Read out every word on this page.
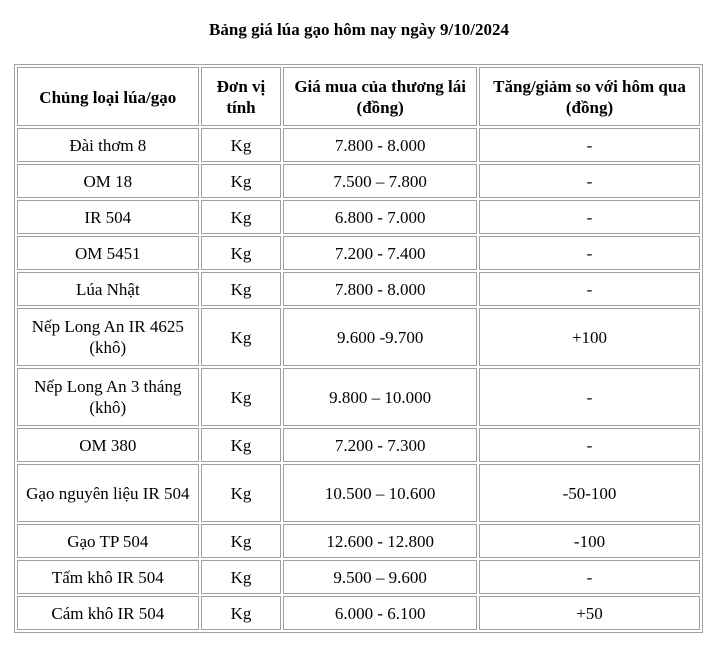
Bảng giá lúa gạo hôm nay ngày 9/10/2024
Chủng loại lúa/gạo	Đơn vị tính	Giá mua của thương lái (đồng)	Tăng/giảm so với hôm qua (đồng)
Đài thơm 8	Kg	7.800 - 8.000	-
OM 18	Kg	7.500 – 7.800	-
IR 504	Kg	6.800 - 7.000	-
OM 5451	Kg	7.200 - 7.400	-
Lúa Nhật	Kg	7.800 - 8.000	-
Nếp Long An IR 4625 (khô)	Kg	9.600 -9.700	+100
Nếp Long An 3 tháng (khô)	Kg	9.800 – 10.000	-
OM 380	Kg	7.200 - 7.300	-
Gạo nguyên liệu IR 504	Kg	10.500 – 10.600	-50-100
Gạo TP 504	Kg	12.600 - 12.800	-100
Tấm khô IR 504	Kg	9.500 – 9.600	-
Cám khô IR 504	Kg	6.000 - 6.100	+50
